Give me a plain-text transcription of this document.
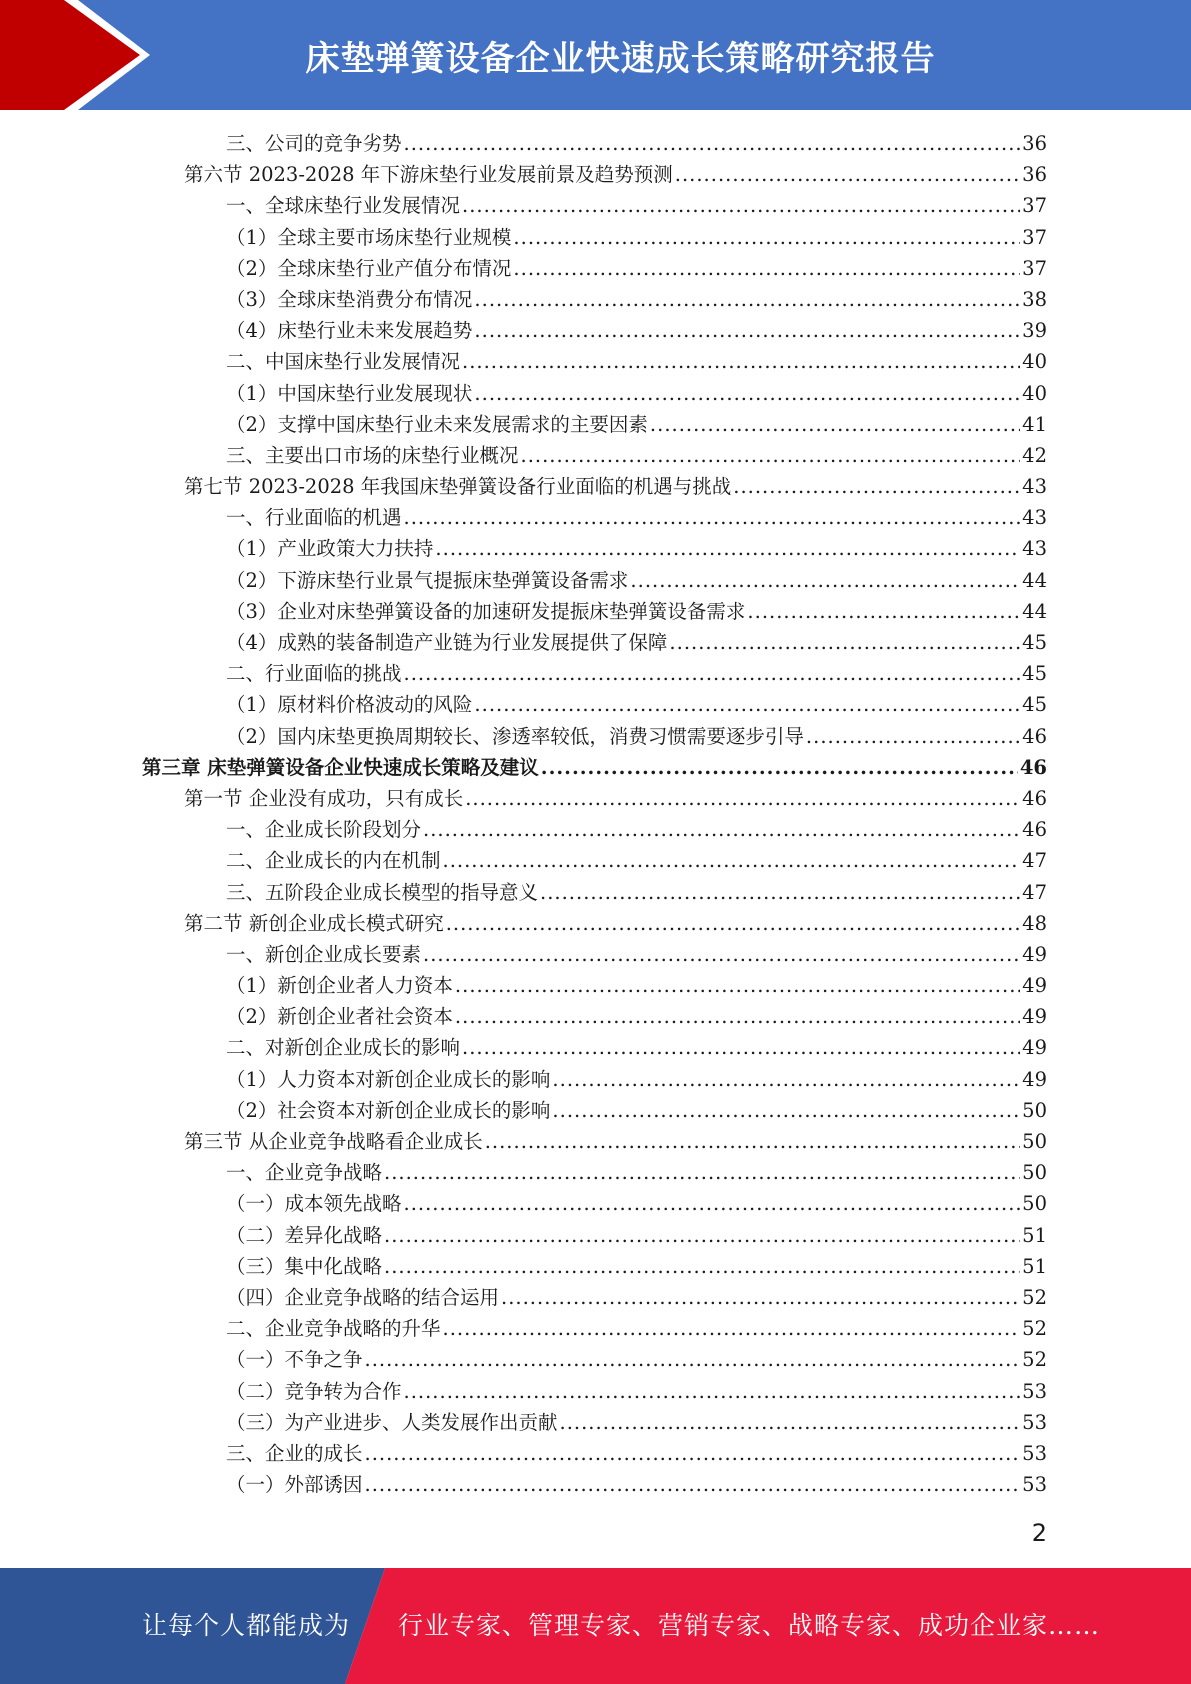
床垫弹簧设备企业快速成长策略研究报告
三、公司的竞争劣势 .....	36
第六节 2023-2028 年下游床垫行业发展前景及趋势预测 .....	36
一、全球床垫行业发展情况 .....	37
（1）全球主要市场床垫行业规模 .....	37
（2）全球床垫行业产值分布情况 .....	37
（3）全球床垫消费分布情况 .....	38
（4）床垫行业未来发展趋势 .....	39
二、中国床垫行业发展情况 .....	40
（1）中国床垫行业发展现状 .....	40
（2）支撑中国床垫行业未来发展需求的主要因素 .....	41
三、主要出口市场的床垫行业概况 .....	42
第七节 2023-2028 年我国床垫弹簧设备行业面临的机遇与挑战 .....	43
一、行业面临的机遇 .....	43
（1）产业政策大力扶持 .....	43
（2）下游床垫行业景气提振床垫弹簧设备需求 .....	44
（3）企业对床垫弹簧设备的加速研发提振床垫弹簧设备需求 .....	44
（4）成熟的装备制造产业链为行业发展提供了保障 .....	45
二、行业面临的挑战 .....	45
（1）原材料价格波动的风险 .....	45
（2）国内床垫更换周期较长、渗透率较低，消费习惯需要逐步引导 .....	46
第三章 床垫弹簧设备企业快速成长策略及建议 .....	46
第一节 企业没有成功，只有成长 .....	46
一、企业成长阶段划分 .....	46
二、企业成长的内在机制 .....	47
三、五阶段企业成长模型的指导意义 .....	47
第二节 新创企业成长模式研究 .....	48
一、新创企业成长要素 .....	49
（1）新创企业者人力资本 .....	49
（2）新创企业者社会资本 .....	49
二、对新创企业成长的影响 .....	49
（1）人力资本对新创企业成长的影响 .....	49
（2）社会资本对新创企业成长的影响 .....	50
第三节 从企业竞争战略看企业成长 .....	50
一、企业竞争战略 .....	50
（一）成本领先战略 .....	50
（二）差异化战略 .....	51
（三）集中化战略 .....	51
（四）企业竞争战略的结合运用 .....	52
二、企业竞争战略的升华 .....	52
（一）不争之争 .....	52
（二）竞争转为合作 .....	53
（三）为产业进步、人类发展作出贡献 .....	53
三、企业的成长 .....	53
（一）外部诱因 .....	53
2
让每个人都能成为 行业专家、管理专家、营销专家、战略专家、成功企业家……
